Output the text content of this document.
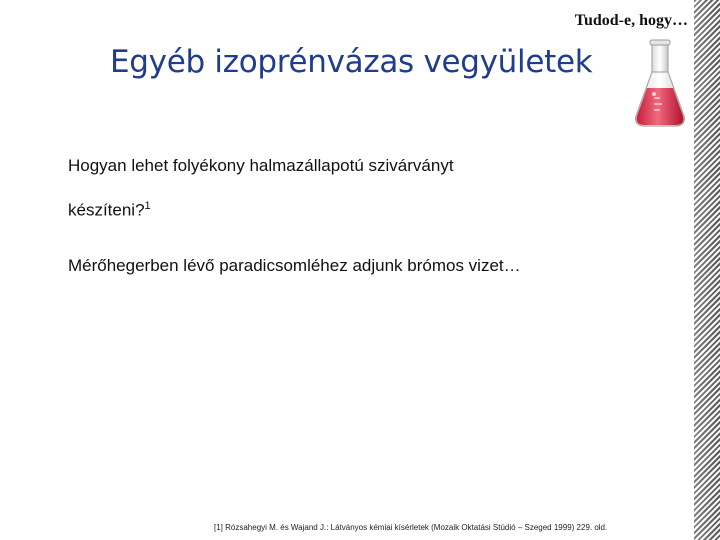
Tudod-e, hogy…
Egyéb izoprénvázas vegyületek
Hogyan lehet folyékony halmazállapotú szivárványt
készíteni?$^1$
Mérőhegerben lévő paradicsomléhez adjunk brómos vizet…
[1] Rózsahegyi M. és Wajand J.: Látványos kémiai kísérletek (Mozaik Oktatási Stúdió – Szeged 1999) 229. old.
